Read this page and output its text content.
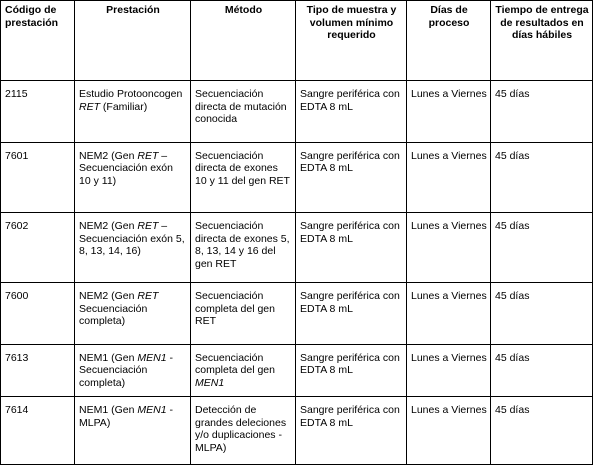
Código de prestación	Prestación	Método	Tipo de muestra y volumen mínimo requerido	Días de proceso	Tiempo de entrega de resultados en días hábiles
2115	Estudio Protooncogen RET (Familiar)	Secuenciación directa de mutación conocida	Sangre periférica con EDTA 8 mL	Lunes a Viernes	45 días
7601	NEM2 (Gen RET – Secuenciación exón 10 y 11)	Secuenciación directa de exones 10 y 11 del gen RET	Sangre periférica con EDTA 8 mL	Lunes a Viernes	45 días
7602	NEM2 (Gen RET – Secuenciación exón 5, 8, 13, 14, 16)	Secuenciación directa de exones 5, 8, 13, 14 y 16 del gen RET	Sangre periférica con EDTA 8 mL	Lunes a Viernes	45 días
7600	NEM2 (Gen RET Secuenciación completa)	Secuenciación completa del gen RET	Sangre periférica con EDTA 8 mL	Lunes a Viernes	45 días
7613	NEM1 (Gen MEN1 - Secuenciación completa)	Secuenciación completa del gen MEN1	Sangre periférica con EDTA 8 mL	Lunes a Viernes	45 días
7614	NEM1 (Gen MEN1 - MLPA)	Detección de grandes deleciones y/o duplicaciones - MLPA)	Sangre periférica con EDTA 8 mL	Lunes a Viernes	45 días
